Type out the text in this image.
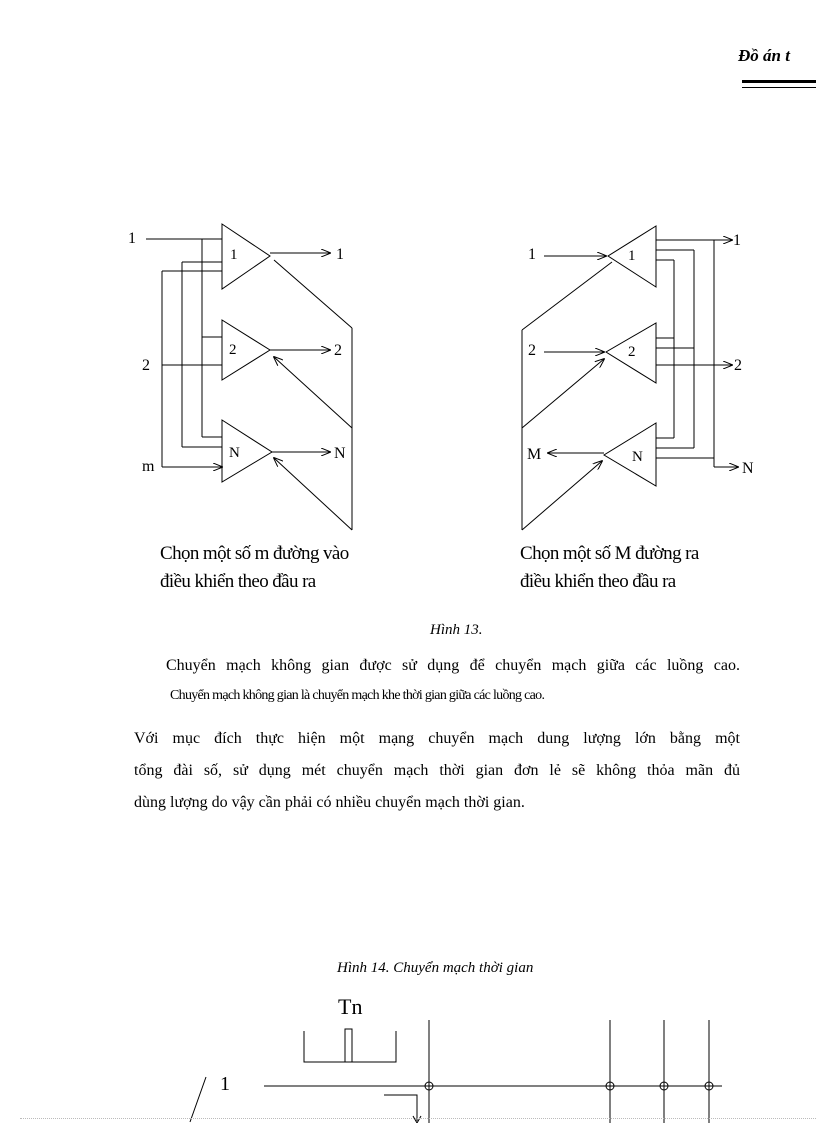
Đồ án t
1
2
m
1
2
N
1
2
N
1
2
M
1
2
N
1
2
N
Chọn một số m đường vào
điều khiển theo đầu ra
Chọn một số M đường ra
điều khiển theo đầu ra
Hình 13.
Chuyển mạch không gian được sử dụng để chuyển mạch giữa các luồng cao.
Chuyển mạch không gian là chuyển mạch khe thời gian giữa các luồng cao.
Với mục đích thực hiện một mạng chuyển mạch dung lượng lớn bằng một
tổng đài số, sử dụng mét chuyển mạch thời gian đơn lẻ sẽ không thỏa mãn đủ
dùng lượng do vậy cần phải có nhiều chuyển mạch thời gian.
Hình 14. Chuyển mạch thời gian
Tn
1
